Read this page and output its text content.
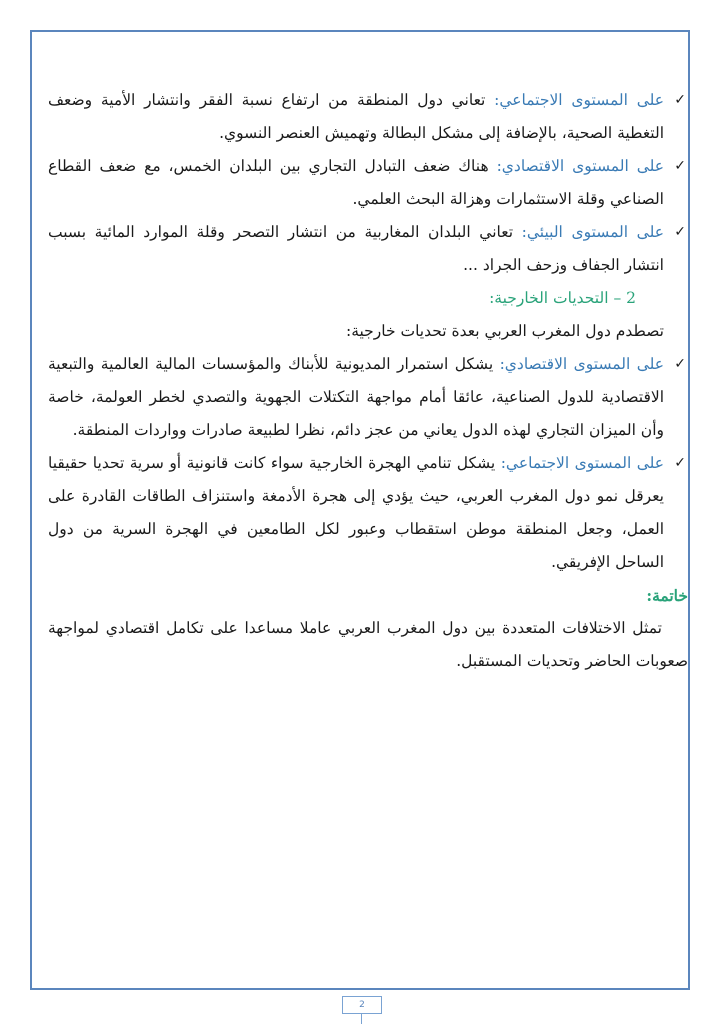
✓
على المستوى الاجتماعي: تعاني دول المنطقة من ارتفاع نسبة الفقر وانتشار الأمية وضعف التغطية الصحية، بالإضافة إلى مشكل البطالة وتهميش العنصر النسوي.
✓
على المستوى الاقتصادي: هناك ضعف التبادل التجاري بين البلدان الخمس، مع ضعف القطاع الصناعي وقلة الاستثمارات وهزالة البحث العلمي.
✓
على المستوى البيئي: تعاني البلدان المغاربية من انتشار التصحر وقلة الموارد المائية بسبب انتشار الجفاف وزحف الجراد ...
2 – التحديات الخارجية:
تصطدم دول المغرب العربي بعدة تحديات خارجية:
✓
على المستوى الاقتصادي: يشكل استمرار المديونية للأبناك والمؤسسات المالية العالمية والتبعية الاقتصادية للدول الصناعية، عائقا أمام مواجهة التكتلات الجهوية والتصدي لخطر العولمة، خاصة وأن الميزان التجاري لهذه الدول يعاني من عجز دائم، نظرا لطبيعة صادرات وواردات المنطقة.
✓
على المستوى الاجتماعي: يشكل تنامي الهجرة الخارجية سواء كانت قانونية أو سرية تحديا حقيقيا يعرقل نمو دول المغرب العربي، حيث يؤدي إلى هجرة الأدمغة واستنزاف الطاقات القادرة على العمل، وجعل المنطقة موطن استقطاب وعبور لكل الطامعين في الهجرة السرية من دول الساحل الإفريقي.
خاتمة:
تمثل الاختلافات المتعددة بين دول المغرب العربي عاملا مساعدا على تكامل اقتصادي لمواجهة صعوبات الحاضر وتحديات المستقبل.
2
